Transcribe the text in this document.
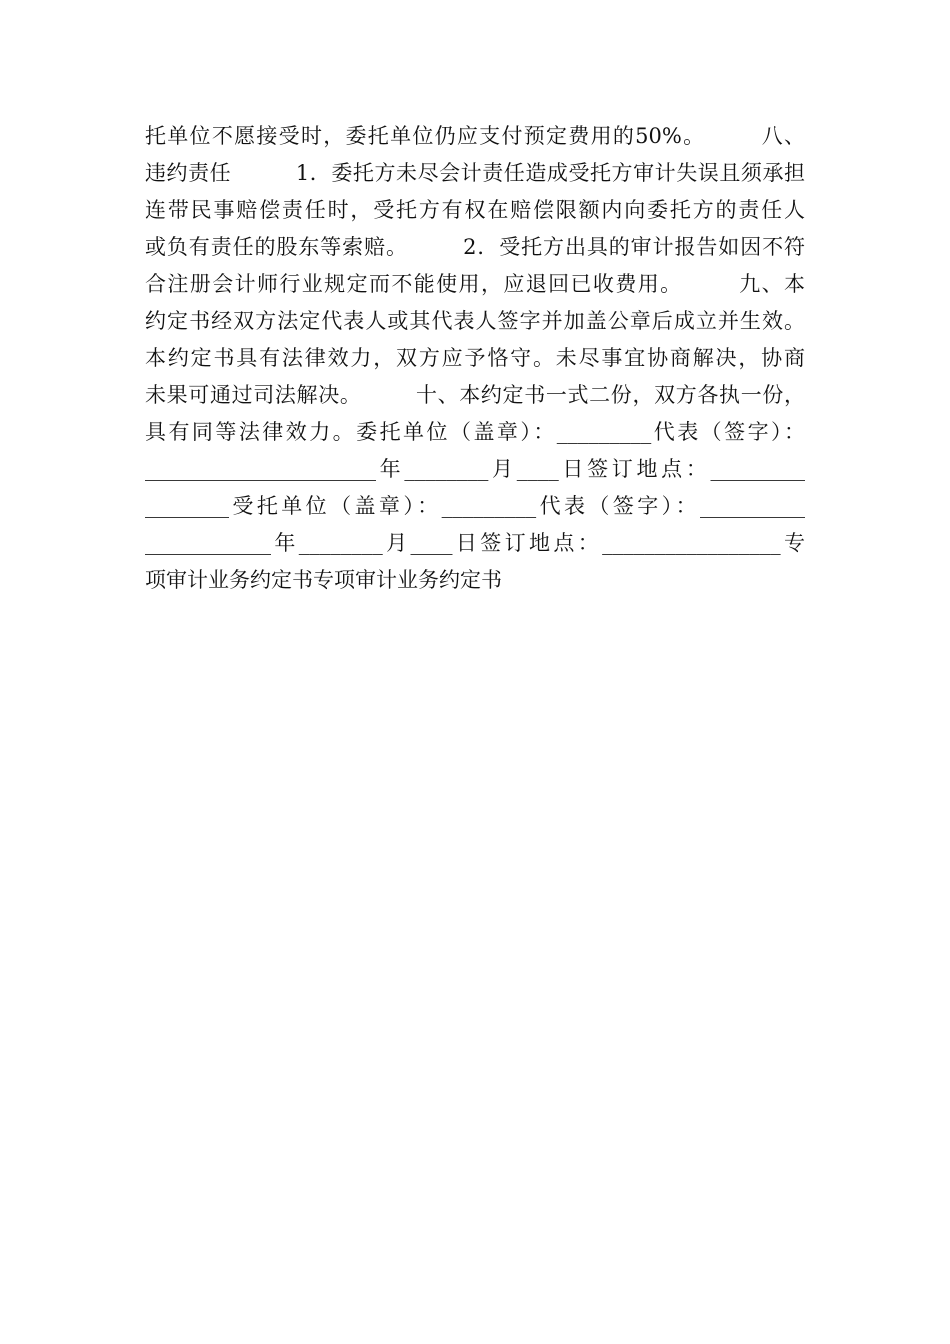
托单位不愿接受时，委托单位仍应支付预定费用的50%。　　　八、
违约责任　　　1．委托方未尽会计责任造成受托方审计失误且须承担
连带民事赔偿责任时，受托方有权在赔偿限额内向委托方的责任人
或负有责任的股东等索赔。　　　2．受托方出具的审计报告如因不符
合注册会计师行业规定而不能使用，应退回已收费用。　　　九、本
约定书经双方法定代表人或其代表人签字并加盖公章后成立并生效。
本约定书具有法律效力，双方应予恪守。未尽事宜协商解决，协商
未果可通过司法解决。　　　十、本约定书一式二份，双方各执一份，
具有同等法律效力。委托单位（盖章）：_________代表（签字）：
______________________年________月____日签订地点：_________
________受托单位（盖章）：_________代表（签字）：__________
____________年________月____日签订地点：_________________专
项审计业务约定书专项审计业务约定书
